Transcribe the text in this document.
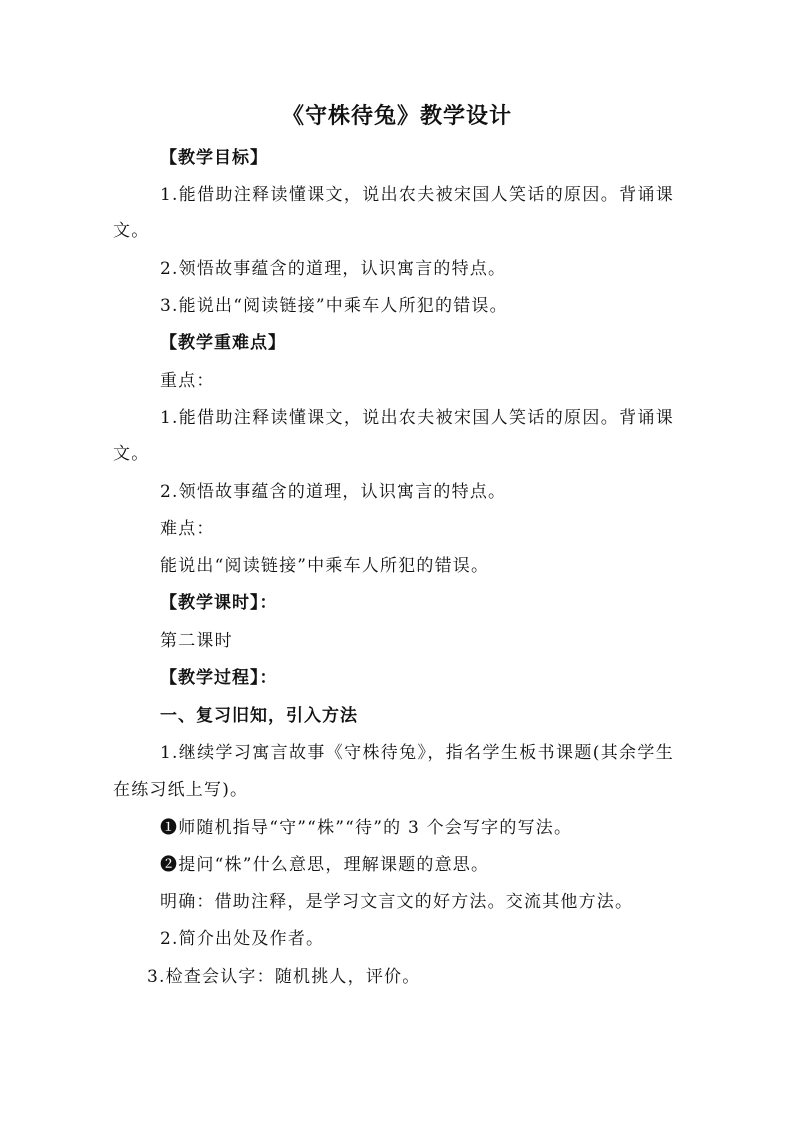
《守株待兔》教学设计
【教学目标】
1.能借助注释读懂课文，说出农夫被宋国人笑话的原因。背诵课
文。
2.领悟故事蕴含的道理，认识寓言的特点。
3.能说出“阅读链接”中乘车人所犯的错误。
【教学重难点】
重点：
1.能借助注释读懂课文，说出农夫被宋国人笑话的原因。背诵课
文。
2.领悟故事蕴含的道理，认识寓言的特点。
难点：
能说出“阅读链接”中乘车人所犯的错误。
【教学课时】：
第二课时
【教学过程】：
一、复习旧知，引入方法
1.继续学习寓言故事《守株待兔》，指名学生板书课题(其余学生
在练习纸上写)。
❶师随机指导“守”“株”“待”的 3 个会写字的写法。
❷提问“株”什么意思，理解课题的意思。
明确：借助注释，是学习文言文的好方法。交流其他方法。
2.简介出处及作者。
3.检查会认字：随机挑人，评价。
